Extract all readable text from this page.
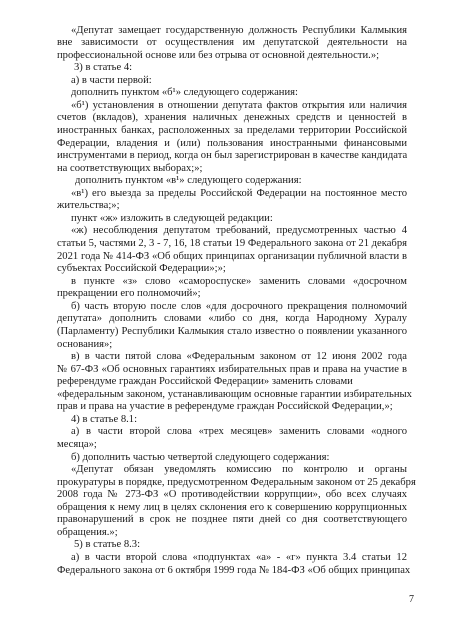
«Депутат замещает государственную должность Республики Калмыкия
вне зависимости от осуществления им депутатской деятельности на
профессиональной основе или без отрыва от основной деятельности.»;
3) в статье 4:
а) в части первой:
дополнить пунктом «б¹» следующего содержания:
«б¹) установления в отношении депутата фактов открытия или наличия
счетов (вкладов), хранения наличных денежных средств и ценностей в
иностранных банках, расположенных за пределами территории Российской
Федерации, владения и (или) пользования иностранными финансовыми
инструментами в период, когда он был зарегистрирован в качестве кандидата
на соответствующих выборах;»;
дополнить пунктом «в¹» следующего содержания:
«в¹) его выезда за пределы Российской Федерации на постоянное место
жительства;»;
пункт «ж» изложить в следующей редакции:
«ж) несоблюдения депутатом требований, предусмотренных частью 4
статьи 5, частями 2, 3 - 7, 16, 18 статьи 19 Федерального закона от 21 декабря
2021 года № 414-ФЗ «Об общих принципах организации публичной власти в
субъектах Российской Федерации»;»;
в пункте «з» слово «самороспуске» заменить словами «досрочном
прекращении его полномочий»;
б) часть вторую после слов «для досрочного прекращения полномочий
депутата» дополнить словами «либо со дня, когда Народному Хуралу
(Парламенту) Республики Калмыкия стало известно о появлении указанного
основания»;
в) в части пятой слова «Федеральным законом от 12 июня 2002 года
№ 67-ФЗ «Об основных гарантиях избирательных прав и права на участие в
референдуме граждан Российской Федерации» заменить словами
«федеральным законом, устанавливающим основные гарантии избирательных
прав и права на участие в референдуме граждан Российской Федерации,»;
4) в статье 8.1:
а) в части второй слова «трех месяцев» заменить словами «одного
месяца»;
б) дополнить частью четвертой следующего содержания:
«Депутат обязан уведомлять комиссию по контролю и органы
прокуратуры в порядке, предусмотренном Федеральным законом от 25 декабря
2008 года № 273-ФЗ «О противодействии коррупции», обо всех случаях
обращения к нему лиц в целях склонения его к совершению коррупционных
правонарушений в срок не позднее пяти дней со дня соответствующего
обращения.»;
5) в статье 8.3:
а) в части второй слова «подпунктах «а» - «г» пункта 3.4 статьи 12
Федерального закона от 6 октября 1999 года № 184-ФЗ «Об общих принципах
7
